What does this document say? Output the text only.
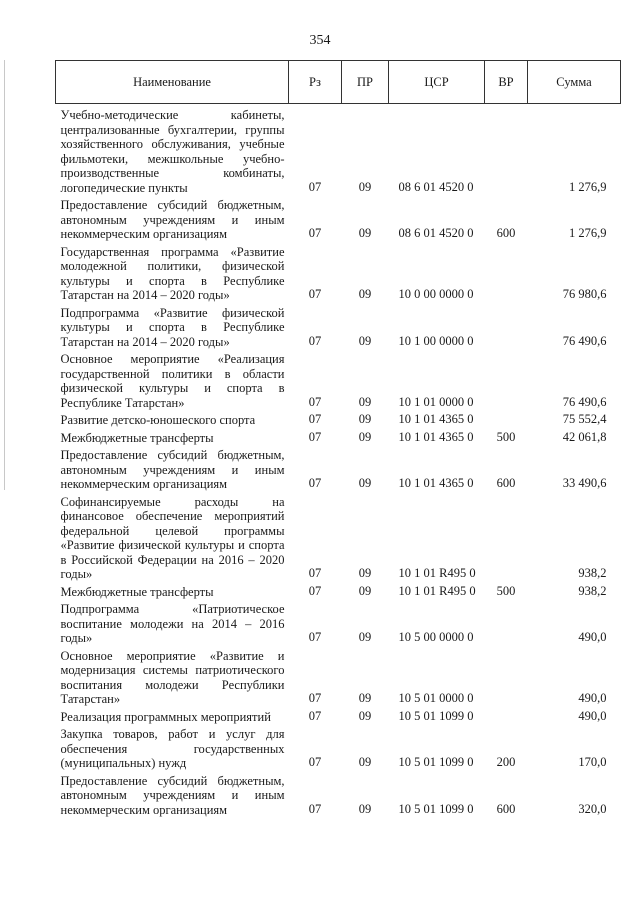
354
Наименование	Рз	ПР	ЦСР	ВР	Сумма
Учебно-методические кабинеты, централизованные бухгалтерии, группы хозяйственного обслуживания, учебные фильмотеки, межшкольные учебно-производственные комбинаты, логопедические пункты	07	09	08 6 01 4520 0		1 276,9
Предоставление субсидий бюджетным, автономным учреждениям и иным некоммерческим организациям	07	09	08 6 01 4520 0	600	1 276,9
Государственная программа «Развитие молодежной политики, физической культуры и спорта в Республике Татарстан на 2014 – 2020 годы»	07	09	10 0 00 0000 0		76 980,6
Подпрограмма «Развитие физической культуры и спорта в Республике Татарстан на 2014 – 2020 годы»	07	09	10 1 00 0000 0		76 490,6
Основное мероприятие «Реализация государственной политики в области физической культуры и спорта в Республике Татарстан»	07	09	10 1 01 0000 0		76 490,6
Развитие детско-юношеского спорта	07	09	10 1 01 4365 0		75 552,4
Межбюджетные трансферты	07	09	10 1 01 4365 0	500	42 061,8
Предоставление субсидий бюджетным, автономным учреждениям и иным некоммерческим организациям	07	09	10 1 01 4365 0	600	33 490,6
Софинансируемые расходы на финансовое обеспечение мероприятий федеральной целевой программы «Развитие физической культуры и спорта в Российской Федерации на 2016 – 2020 годы»	07	09	10 1 01 R495 0		938,2
Межбюджетные трансферты	07	09	10 1 01 R495 0	500	938,2
Подпрограмма «Патриотическое воспитание молодежи на 2014 – 2016 годы»	07	09	10 5 00 0000 0		490,0
Основное мероприятие «Развитие и модернизация системы патриотического воспитания молодежи Республики Татарстан»	07	09	10 5 01 0000 0		490,0
Реализация программных мероприятий	07	09	10 5 01 1099 0		490,0
Закупка товаров, работ и услуг для обеспечения государственных (муниципальных) нужд	07	09	10 5 01 1099 0	200	170,0
Предоставление субсидий бюджетным, автономным учреждениям и иным некоммерческим организациям	07	09	10 5 01 1099 0	600	320,0
